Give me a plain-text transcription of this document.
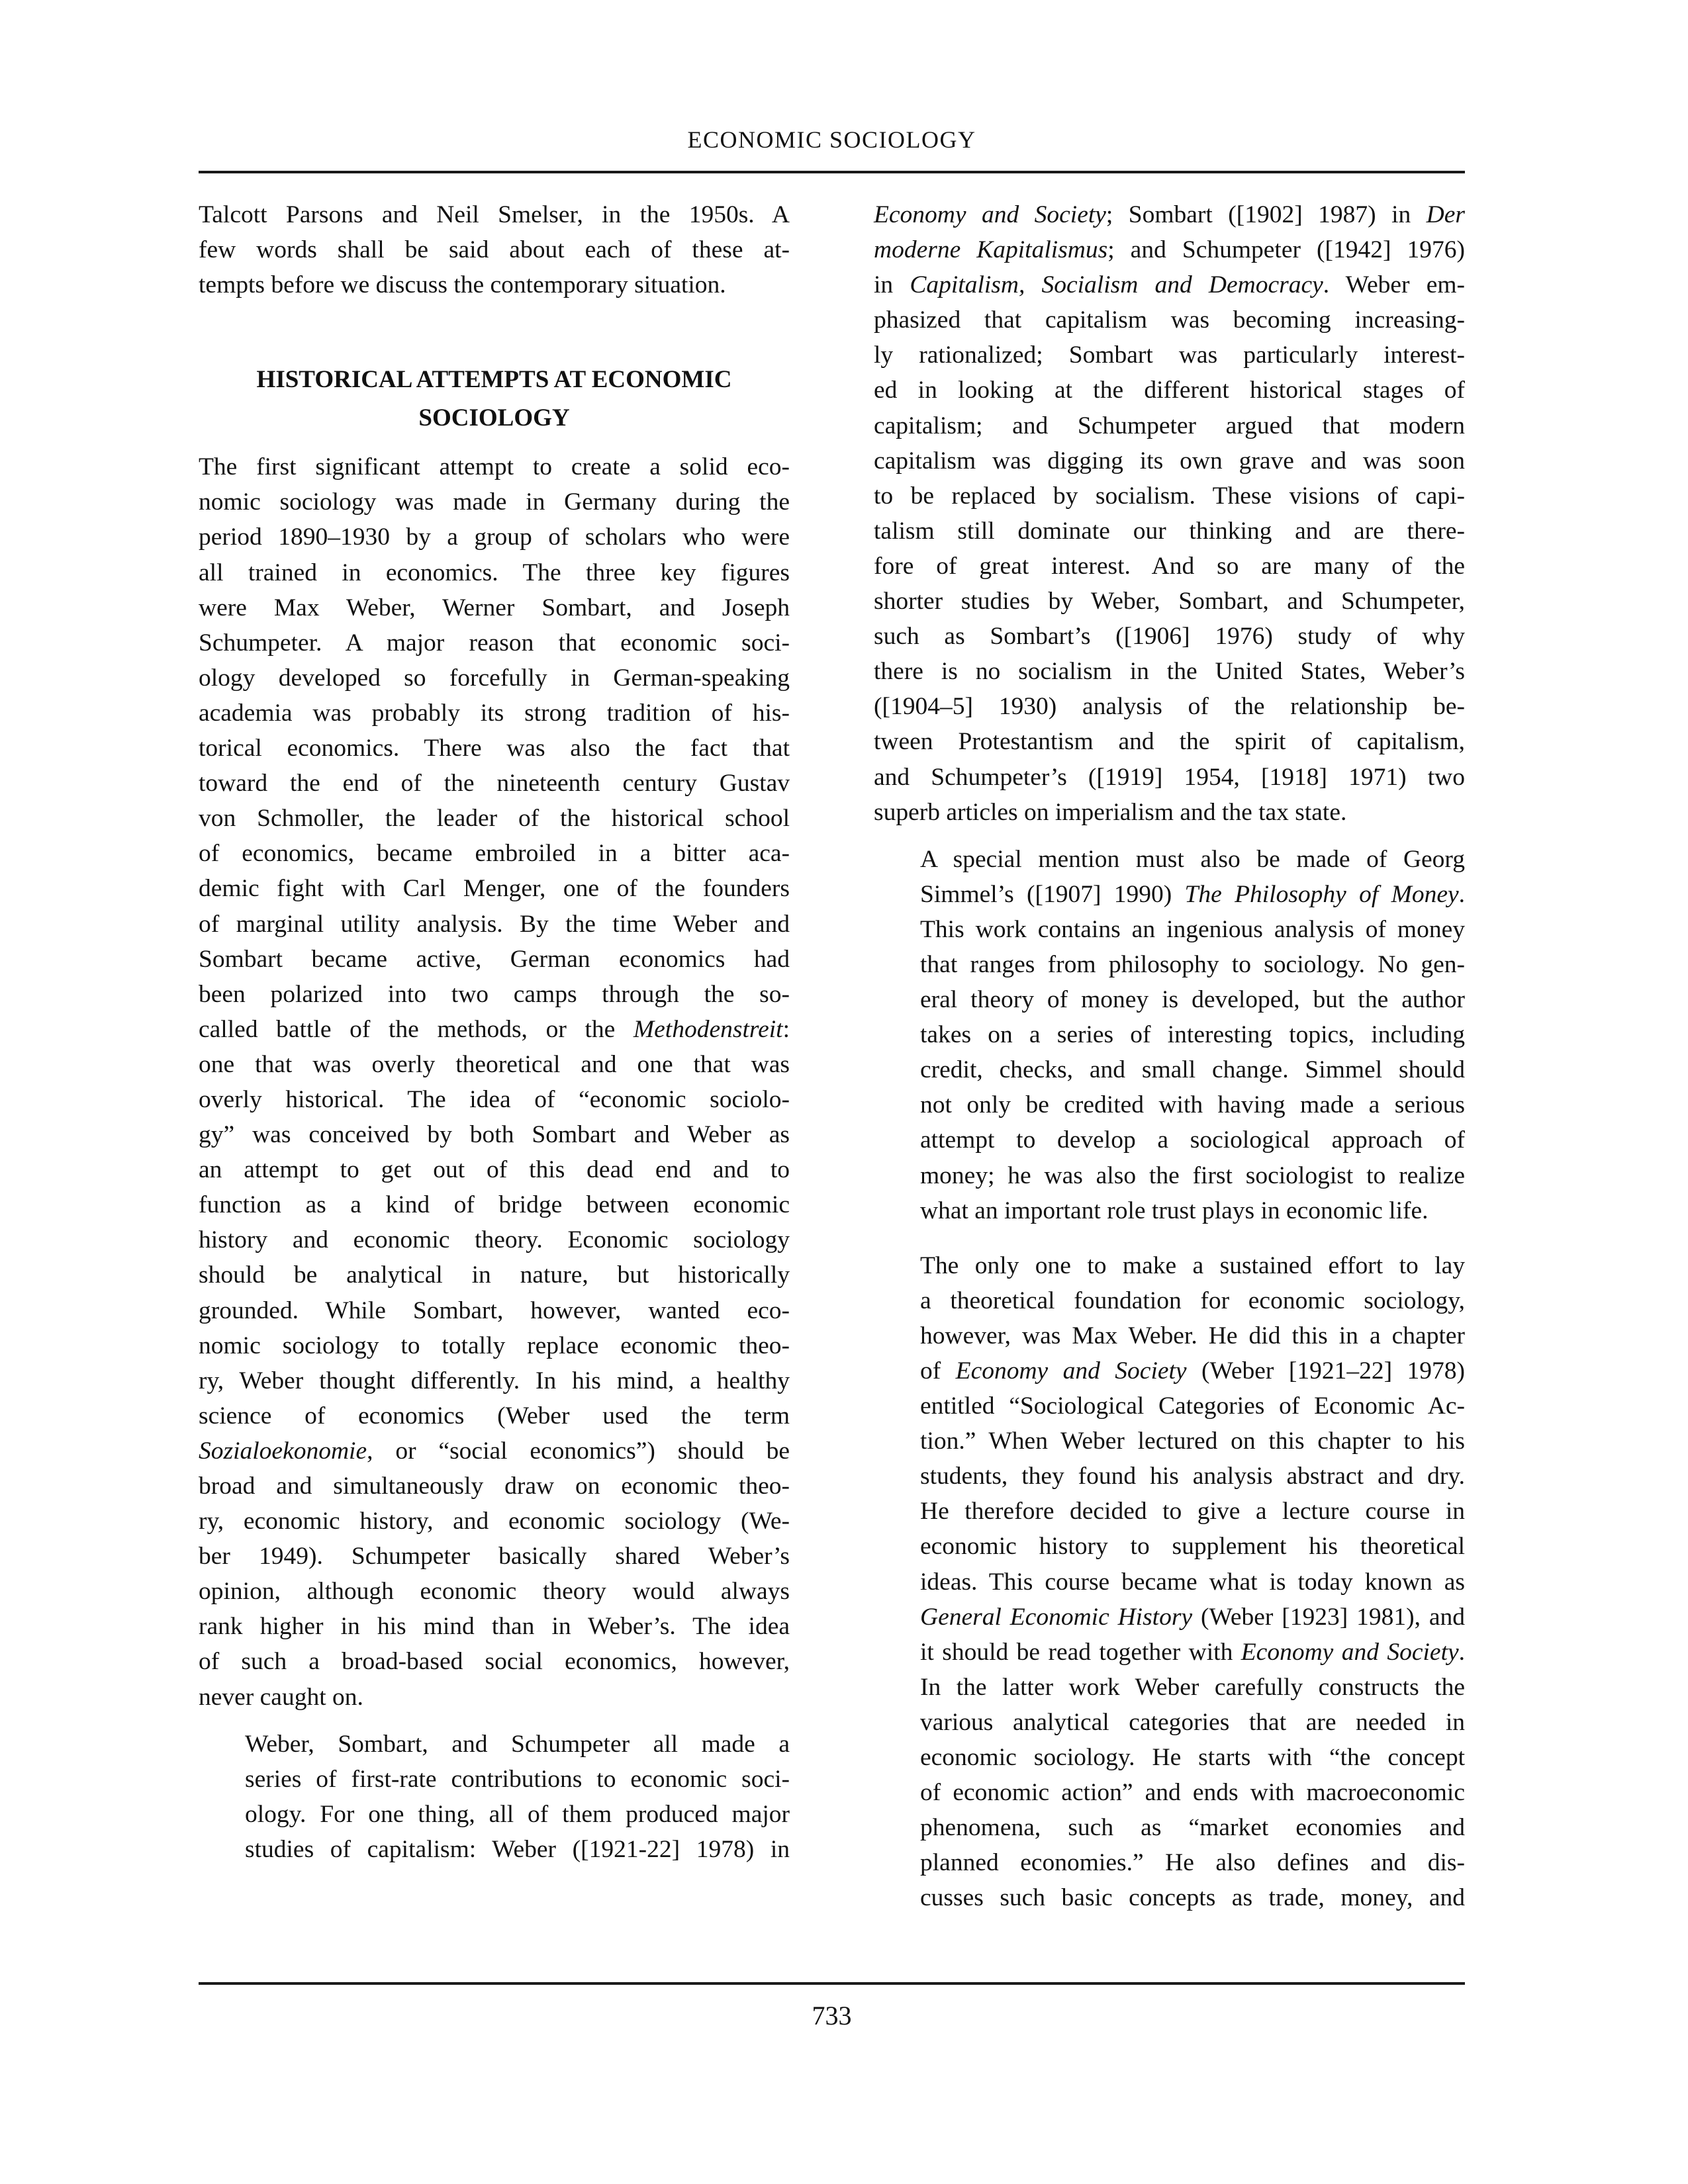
ECONOMIC SOCIOLOGY

Talcott Parsons and Neil Smelser, in the 1950s. A
few words shall be said about each of these at-
tempts before we discuss the contemporary situation.

HISTORICAL ATTEMPTS AT ECONOMIC
SOCIOLOGY

The first significant attempt to create a solid eco-
nomic sociology was made in Germany during the
period 1890–1930 by a group of scholars who were
all trained in economics. The three key figures
were Max Weber, Werner Sombart, and Joseph
Schumpeter. A major reason that economic soci-
ology developed so forcefully in German-speaking
academia was probably its strong tradition of his-
torical economics. There was also the fact that
toward the end of the nineteenth century Gustav
von Schmoller, the leader of the historical school
of economics, became embroiled in a bitter aca-
demic fight with Carl Menger, one of the founders
of marginal utility analysis. By the time Weber and
Sombart became active, German economics had
been polarized into two camps through the so-
called battle of the methods, or the Methodenstreit:
one that was overly theoretical and one that was
overly historical. The idea of “economic sociolo-
gy” was conceived by both Sombart and Weber as
an attempt to get out of this dead end and to
function as a kind of bridge between economic
history and economic theory. Economic sociology
should be analytical in nature, but historically
grounded. While Sombart, however, wanted eco-
nomic sociology to totally replace economic theo-
ry, Weber thought differently. In his mind, a healthy
science of economics (Weber used the term
Sozialoekonomie, or “social economics”) should be
broad and simultaneously draw on economic theo-
ry, economic history, and economic sociology (We-
ber 1949). Schumpeter basically shared Weber’s
opinion, although economic theory would always
rank higher in his mind than in Weber’s. The idea
of such a broad-based social economics, however,
never caught on.

Weber, Sombart, and Schumpeter all made a
series of first-rate contributions to economic soci-
ology. For one thing, all of them produced major
studies of capitalism: Weber ([1921-22] 1978) in

Economy and Society; Sombart ([1902] 1987) in Der
moderne Kapitalismus; and Schumpeter ([1942] 1976)
in Capitalism, Socialism and Democracy. Weber em-
phasized that capitalism was becoming increasing-
ly rationalized; Sombart was particularly interest-
ed in looking at the different historical stages of
capitalism; and Schumpeter argued that modern
capitalism was digging its own grave and was soon
to be replaced by socialism. These visions of capi-
talism still dominate our thinking and are there-
fore of great interest. And so are many of the
shorter studies by Weber, Sombart, and Schumpeter,
such as Sombart’s ([1906] 1976) study of why
there is no socialism in the United States, Weber’s
([1904–5] 1930) analysis of the relationship be-
tween Protestantism and the spirit of capitalism,
and Schumpeter’s ([1919] 1954, [1918] 1971) two
superb articles on imperialism and the tax state.

A special mention must also be made of Georg
Simmel’s ([1907] 1990) The Philosophy of Money.
This work contains an ingenious analysis of money
that ranges from philosophy to sociology. No gen-
eral theory of money is developed, but the author
takes on a series of interesting topics, including
credit, checks, and small change. Simmel should
not only be credited with having made a serious
attempt to develop a sociological approach of
money; he was also the first sociologist to realize
what an important role trust plays in economic life.

The only one to make a sustained effort to lay
a theoretical foundation for economic sociology,
however, was Max Weber. He did this in a chapter
of Economy and Society (Weber [1921–22] 1978)
entitled “Sociological Categories of Economic Ac-
tion.” When Weber lectured on this chapter to his
students, they found his analysis abstract and dry.
He therefore decided to give a lecture course in
economic history to supplement his theoretical
ideas. This course became what is today known as
General Economic History (Weber [1923] 1981), and
it should be read together with Economy and Society.
In the latter work Weber carefully constructs the
various analytical categories that are needed in
economic sociology. He starts with “the concept
of economic action” and ends with macroeconomic
phenomena, such as “market economies and
planned economies.” He also defines and dis-
cusses such basic concepts as trade, money, and

733
